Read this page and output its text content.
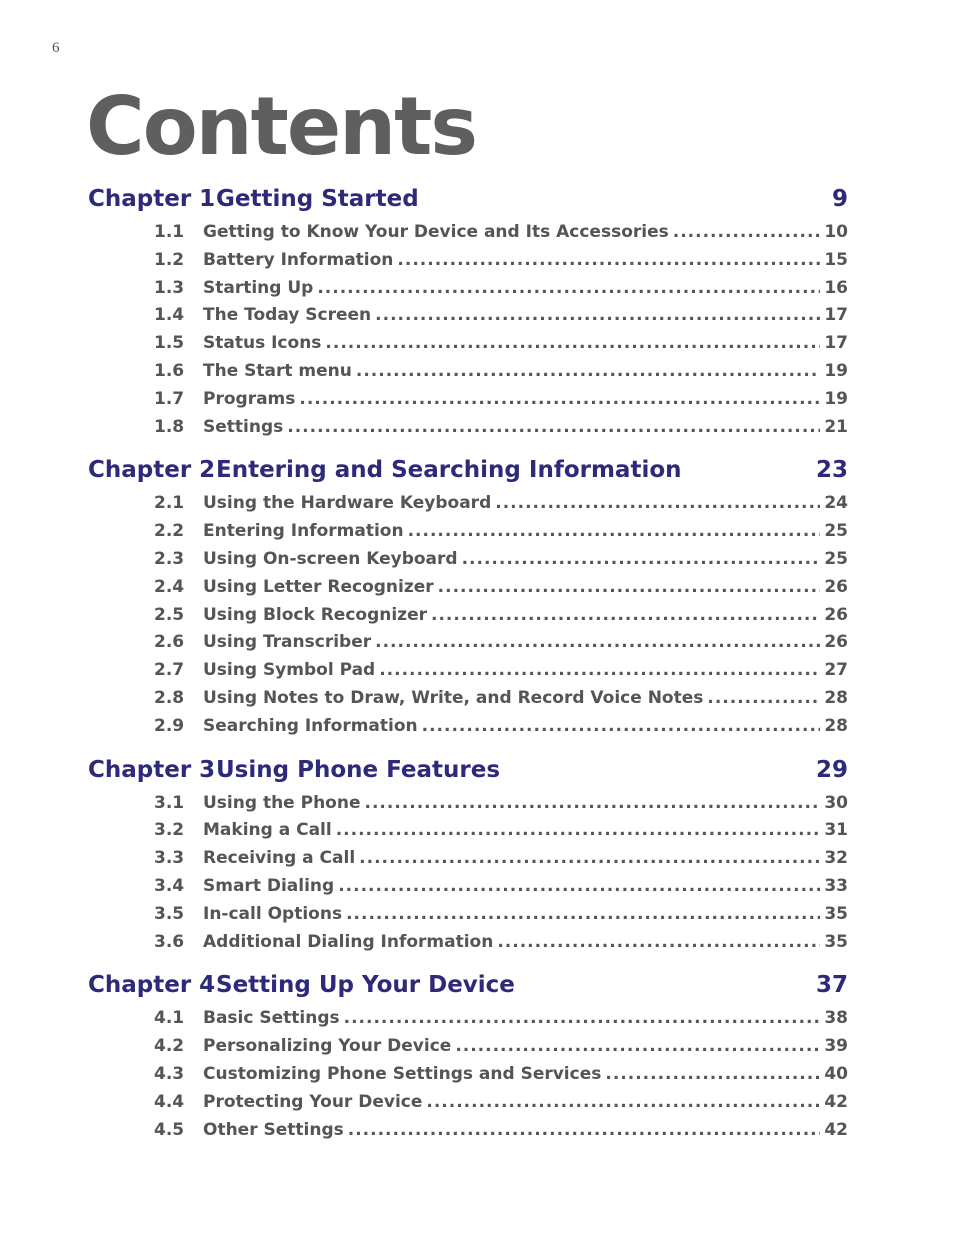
6
Contents
Chapter 1 Getting Started	9
1.1	Getting to Know Your Device and Its Accessories .....	10
1.2	Battery Information .....	15
1.3	Starting Up .....	16
1.4	The Today Screen .....	17
1.5	Status Icons .....	17
1.6	The Start menu .....	19
1.7	Programs .....	19
1.8	Settings .....	21
Chapter 2 Entering and Searching Information	23
2.1	Using the Hardware Keyboard .....	24
2.2	Entering Information .....	25
2.3	Using On-screen Keyboard .....	25
2.4	Using Letter Recognizer .....	26
2.5	Using Block Recognizer .....	26
2.6	Using Transcriber .....	26
2.7	Using Symbol Pad .....	27
2.8	Using Notes to Draw, Write, and Record Voice Notes .....	28
2.9	Searching Information .....	28
Chapter 3 Using Phone Features	29
3.1	Using the Phone .....	30
3.2	Making a Call .....	31
3.3	Receiving a Call .....	32
3.4	Smart Dialing .....	33
3.5	In-call Options .....	35
3.6	Additional Dialing Information .....	35
Chapter 4 Setting Up Your Device	37
4.1	Basic Settings .....	38
4.2	Personalizing Your Device .....	39
4.3	Customizing Phone Settings and Services .....	40
4.4	Protecting Your Device .....	42
4.5	Other Settings .....	42
